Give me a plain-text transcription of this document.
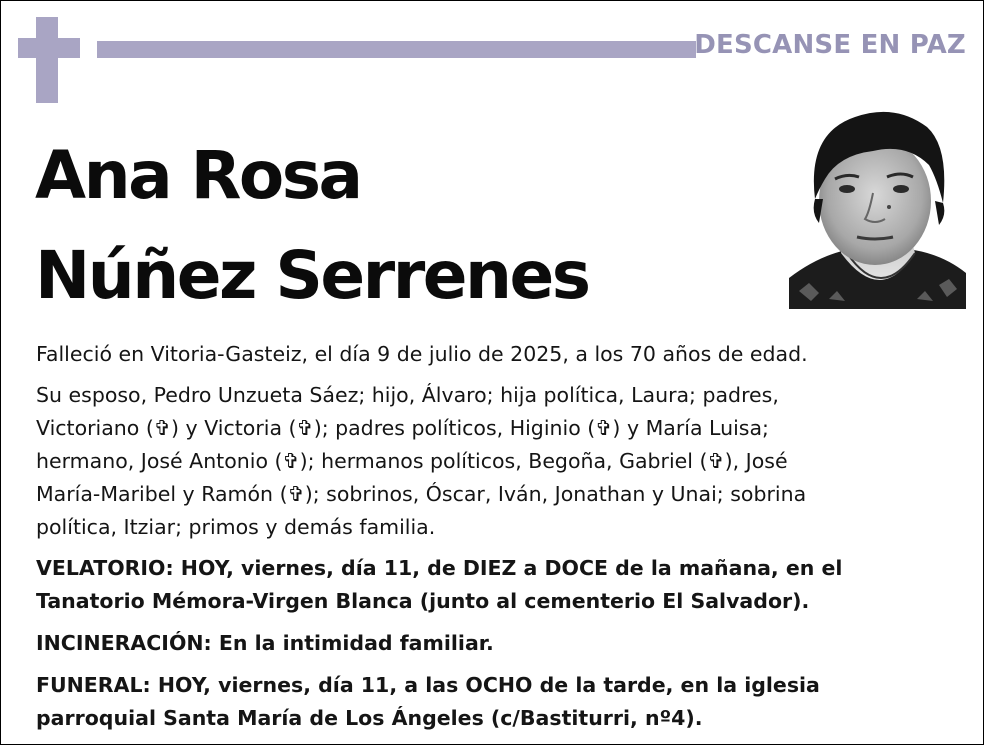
DESCANSE EN PAZ
Ana Rosa
Núñez Serrenes

Falleció en Vitoria-Gasteiz, el día 9 de julio de 2025, a los 70 años de edad.

Su esposo, Pedro Unzueta Sáez; hijo, Álvaro; hija política, Laura; padres,
Victoriano (✞) y Victoria (✞); padres políticos, Higinio (✞) y María Luisa;
hermano, José Antonio (✞); hermanos políticos, Begoña, Gabriel (✞), José
María-Maribel y Ramón (✞); sobrinos, Óscar, Iván, Jonathan y Unai; sobrina
política, Itziar; primos y demás familia.

VELATORIO: HOY, viernes, día 11, de DIEZ a DOCE de la mañana, en el
Tanatorio Mémora-Virgen Blanca (junto al cementerio El Salvador).

INCINERACIÓN: En la intimidad familiar.

FUNERAL: HOY, viernes, día 11, a las OCHO de la tarde, en la iglesia
parroquial Santa María de Los Ángeles (c/Bastiturri, nº4).
